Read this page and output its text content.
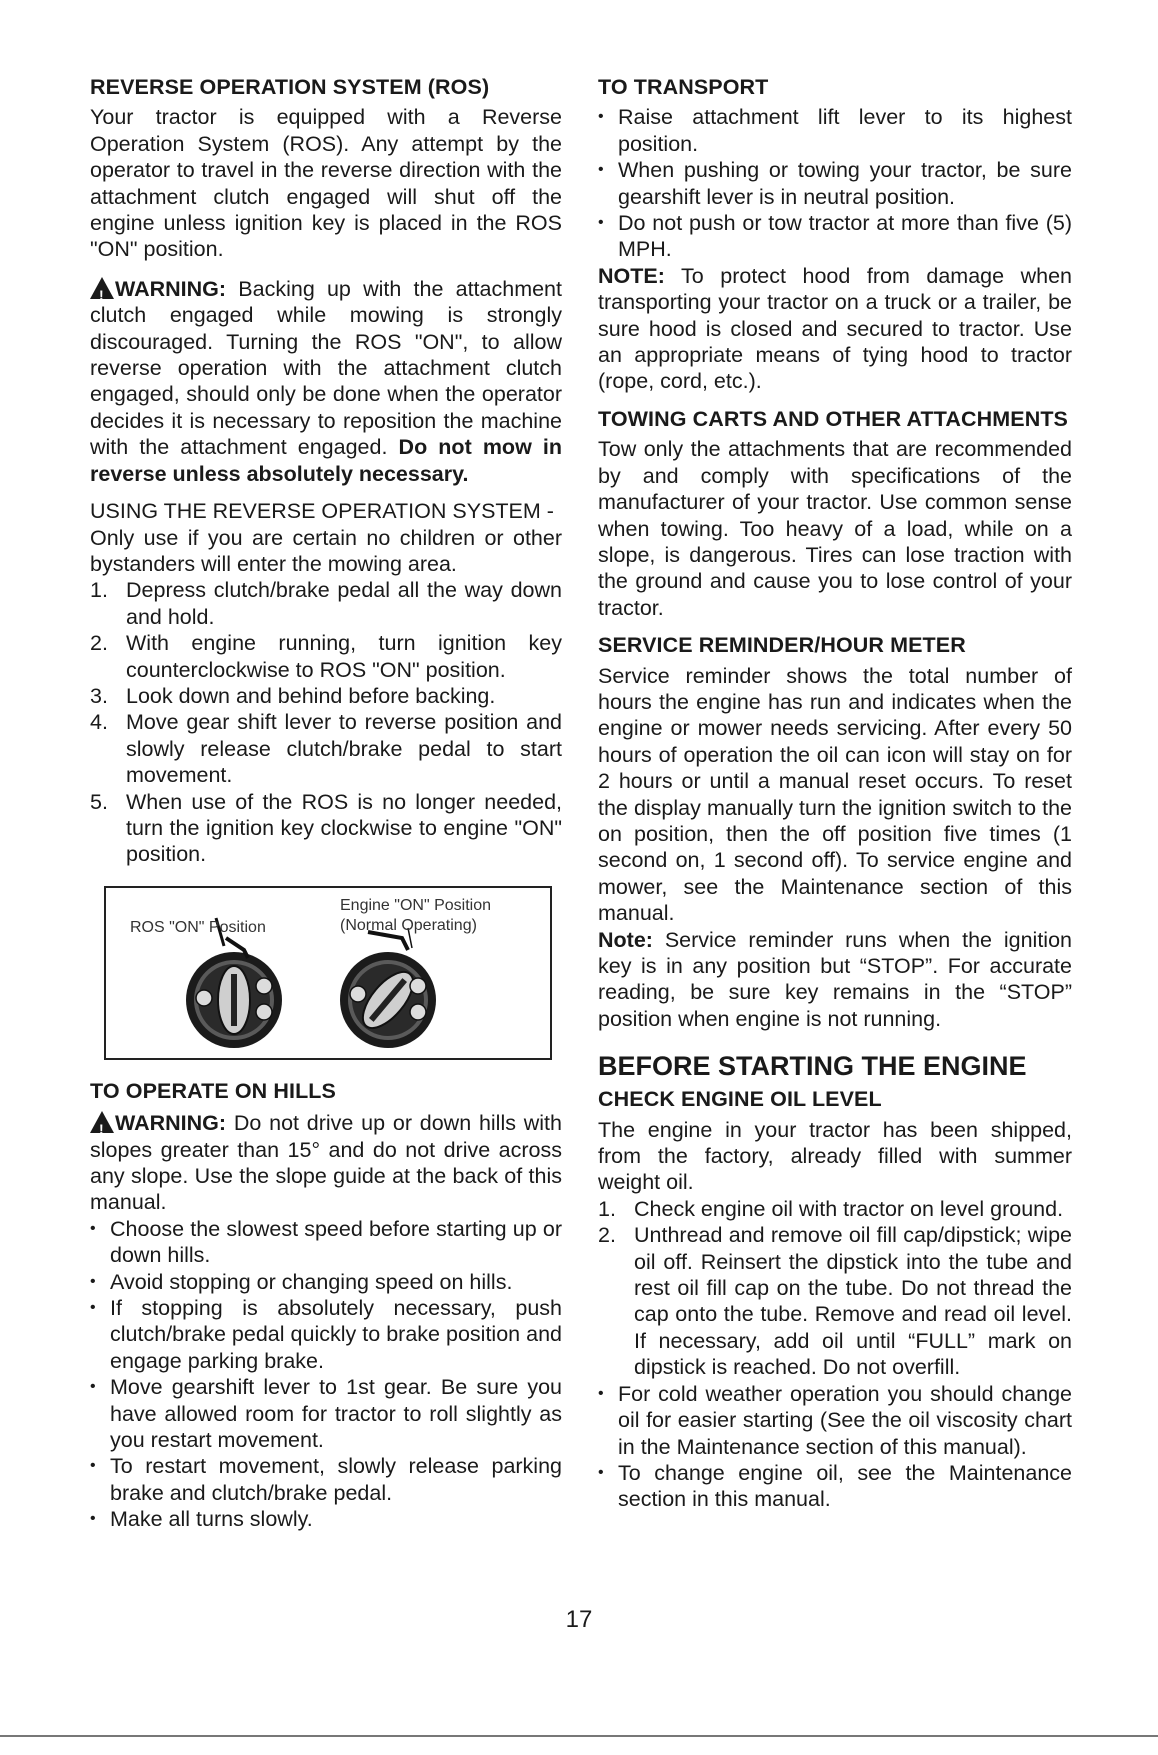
REVERSE OPERATION SYSTEM (ROS)

Your tractor is equipped with a Reverse Operation System (ROS). Any attempt by the operator to travel in the reverse direction with the attachment clutch engaged will shut off the engine unless ignition key is placed in the ROS "ON" position.

!
WARNING: Backing up with the attachment clutch engaged while mowing is strongly discouraged. Turning the ROS "ON", to allow reverse operation with the attachment clutch engaged, should only be done when the operator decides it is necessary to reposition the machine with the attachment engaged. Do not mow in reverse unless absolutely necessary.

USING THE REVERSE OPERATION SYSTEM -

Only use if you are certain no children or other bystanders will enter the mowing area.

1. Depress clutch/brake pedal all the way down and hold.
2. With engine running, turn ignition key counterclockwise to ROS "ON" position.
3. Look down and behind before backing.
4. Move gear shift lever to reverse position and slowly release clutch/brake pedal to start movement.
5. When use of the ROS is no longer needed, turn the ignition key clockwise to engine "ON" position.
ROS "ON" Position
Engine "ON" Position
(Normal Operating)
TO OPERATE ON HILLS

!
WARNING: Do not drive up or down hills with slopes greater than 15° and do not drive across any slope. Use the slope guide at the back of this manual.

• Choose the slowest speed before starting up or down hills.
• Avoid stopping or changing speed on hills.
• If stopping is absolutely necessary, push clutch/brake pedal quickly to brake position and engage parking brake.
• Move gearshift lever to 1st gear. Be sure you have allowed room for tractor to roll slightly as you restart movement.
• To restart movement, slowly release parking brake and clutch/brake pedal.
• Make all turns slowly.
TO TRANSPORT
• Raise attachment lift lever to its highest position.
• When pushing or towing your tractor, be sure gearshift lever is in neutral position.
• Do not push or tow tractor at more than five (5) MPH.

NOTE: To protect hood from damage when transporting your tractor on a truck or a trailer, be sure hood is closed and secured to tractor. Use an appropriate means of tying hood to tractor (rope, cord, etc.).

TOWING CARTS AND OTHER ATTACHMENTS

Tow only the attachments that are recommended by and comply with specifications of the manufacturer of your tractor. Use common sense when towing. Too heavy of a load, while on a slope, is dangerous. Tires can lose traction with the ground and cause you to lose control of your tractor.

SERVICE REMINDER/HOUR METER

Service reminder shows the total number of hours the engine has run and indicates when the engine or mower needs servicing. After every 50 hours of operation the oil can icon will stay on for 2 hours or until a manual reset occurs. To reset the display manually turn the ignition switch to the on position, then the off position five times (1 second on, 1 second off). To service engine and mower, see the Maintenance section of this manual.

Note: Service reminder runs when the ignition key is in any position but “STOP”. For accurate reading, be sure key remains in the “STOP” position when engine is not running.

BEFORE STARTING THE ENGINE
CHECK ENGINE OIL LEVEL

The engine in your tractor has been shipped, from the factory, already filled with summer weight oil.

1. Check engine oil with tractor on level ground.
2. Unthread and remove oil fill cap/dipstick; wipe oil off. Reinsert the dipstick into the tube and rest oil fill cap on the tube. Do not thread the cap onto the tube. Remove and read oil level. If necessary, add oil until “FULL” mark on dipstick is reached. Do not overfill.
• For cold weather operation you should change oil for easier starting (See the oil viscosity chart in the Maintenance section of this manual).
• To change engine oil, see the Maintenance section in this manual.
17
